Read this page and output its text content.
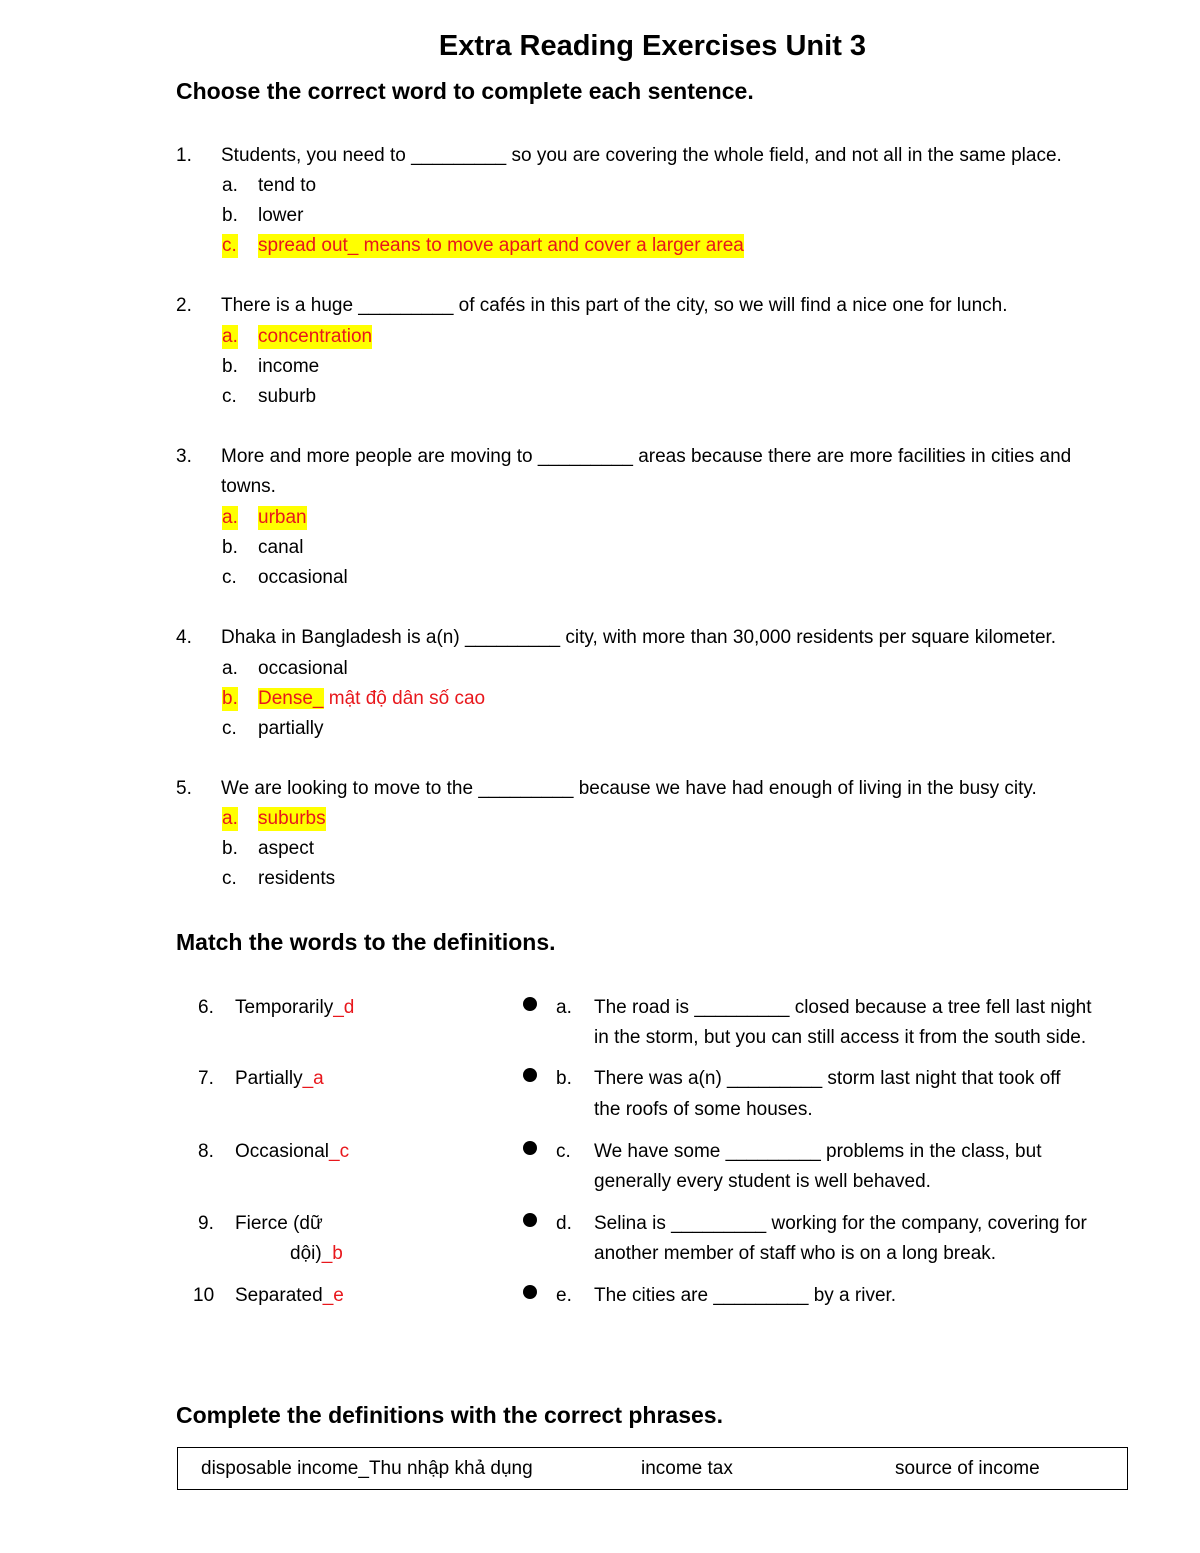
Extra Reading Exercises Unit 3
Choose the correct word to complete each sentence.
1. Students, you need to _________ so you are covering the whole field, and not all in the same place.
a. tend to
b. lower
c. spread out_ means to move apart and cover a larger area
2. There is a huge _________ of cafés in this part of the city, so we will find a nice one for lunch.
a. concentration
b. income
c. suburb
3. More and more people are moving to _________ areas because there are more facilities in cities and
towns.
a. urban
b. canal
c. occasional
4. Dhaka in Bangladesh is a(n) _________ city, with more than 30,000 residents per square kilometer.
a. occasional
b. Dense_ mật độ dân số cao
c. partially
5. We are looking to move to the _________ because we have had enough of living in the busy city.
a. suburbs
b. aspect
c. residents
Match the words to the definitions.
6. Temporarily_d
7. Partially_a
8. Occasional_c
9. Fierce (dữ
dội)_b
10 Separated_e
a. The road is _________ closed because a tree fell last night
in the storm, but you can still access it from the south side.
b. There was a(n) _________ storm last night that took off
the roofs of some houses.
c. We have some _________ problems in the class, but
generally every student is well behaved.
d. Selina is _________ working for the company, covering for
another member of staff who is on a long break.
e. The cities are _________ by a river.
Complete the definitions with the correct phrases.
disposable income_Thu nhập khả dụng	income tax	source of income
